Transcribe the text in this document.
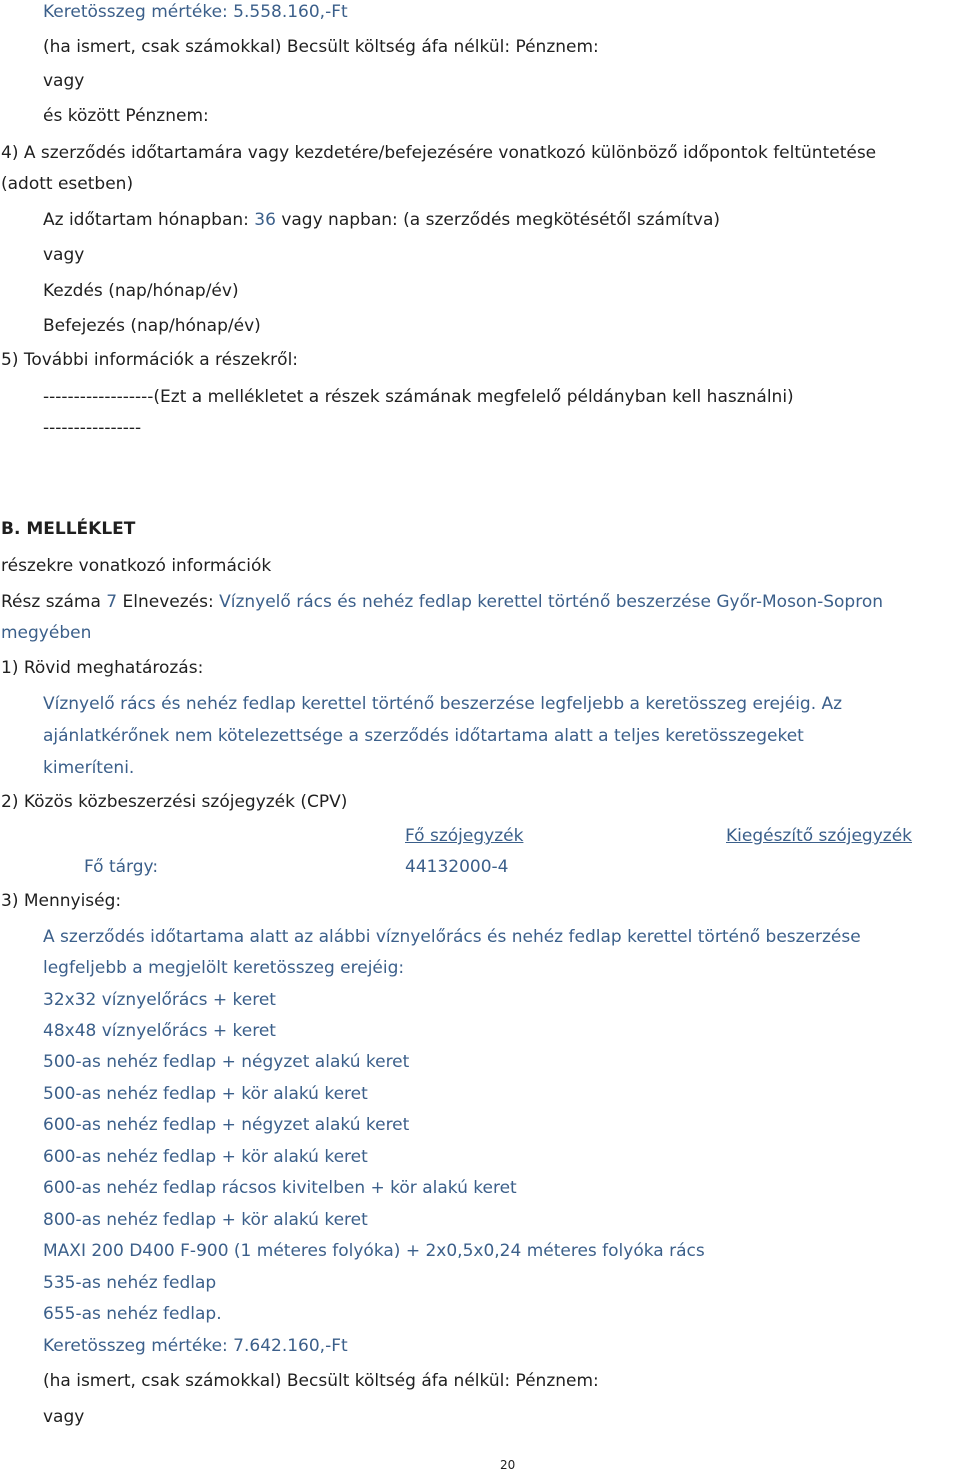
Keretösszeg mértéke: 5.558.160,-Ft
(ha ismert, csak számokkal) Becsült költség áfa nélkül: Pénznem:
vagy
és között Pénznem:
4) A szerződés időtartamára vagy kezdetére/befejezésére vonatkozó különböző időpontok feltüntetése
(adott esetben)
Az időtartam hónapban: 36 vagy napban: (a szerződés megkötésétől számítva)
vagy
Kezdés (nap/hónap/év)
Befejezés (nap/hónap/év)
5) További információk a részekről:
------------------(Ezt a mellékletet a részek számának megfelelő példányban kell használni)
----------------
B. MELLÉKLET
részekre vonatkozó információk
Rész száma 7 Elnevezés: Víznyelő rács és nehéz fedlap kerettel történő beszerzése Győr-Moson-Sopron
megyében
1) Rövid meghatározás:
Víznyelő rács és nehéz fedlap kerettel történő beszerzése legfeljebb a keretösszeg erejéig. Az
ajánlatkérőnek nem kötelezettsége a szerződés időtartama alatt a teljes keretösszegeket
kimeríteni.
2) Közös közbeszerzési szójegyzék (CPV)
Fő szójegyzék	Kiegészítő szójegyzék
Fő tárgy:	44132000-4
3) Mennyiség:
A szerződés időtartama alatt az alábbi víznyelőrács és nehéz fedlap kerettel történő beszerzése
legfeljebb a megjelölt keretösszeg erejéig:
32x32 víznyelőrács + keret
48x48 víznyelőrács + keret
500-as nehéz fedlap + négyzet alakú keret
500-as nehéz fedlap + kör alakú keret
600-as nehéz fedlap + négyzet alakú keret
600-as nehéz fedlap + kör alakú keret
600-as nehéz fedlap rácsos kivitelben + kör alakú keret
800-as nehéz fedlap + kör alakú keret
MAXI 200 D400 F-900 (1 méteres folyóka) + 2x0,5x0,24 méteres folyóka rács
535-as nehéz fedlap
655-as nehéz fedlap.
Keretösszeg mértéke: 7.642.160,-Ft
(ha ismert, csak számokkal) Becsült költség áfa nélkül: Pénznem:
vagy
20
